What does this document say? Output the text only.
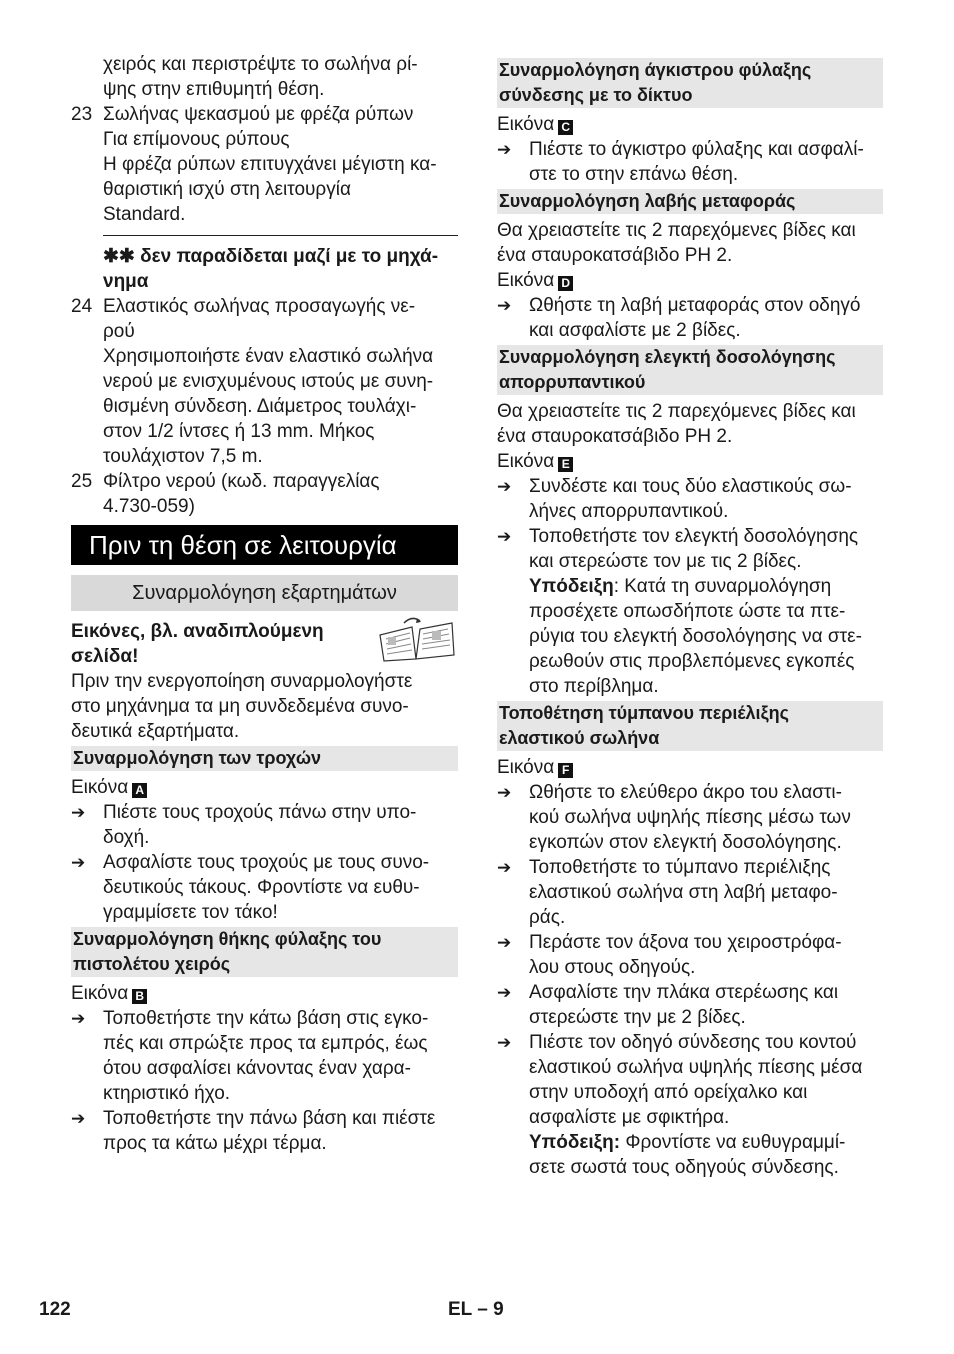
χειρός και περιστρέψτε το σωλήνα ρί-

ψης στην επιθυμητή θέση.

23 Σωλήνας ψεκασμού με φρέζα ρύπων

Για επίμονους ρύπους

Η φρέζα ρύπων επιτυγχάνει μέγιστη κα-

θαριστική ισχύ στη λειτουργία

Standard.

✱✱ δεν παραδίδεται μαζί με το μηχά-

νημα

24 Ελαστικός σωλήνας προσαγωγής νε-

ρού

Χρησιμοποιήστε έναν ελαστικό σωλήνα

νερού με ενισχυμένους ιστούς με συνη-

θισμένη σύνδεση. Διάμετρος τουλάχι-

στον 1/2 ίντσες ή 13 mm. Μήκος

τουλάχιστον 7,5 m.

25 Φίλτρο νερού (κωδ. παραγγελίας

4.730-059)

Πριν τη θέση σε λειτουργία
Συναρμολόγηση εξαρτημάτων

Εικόνες, βλ. αναδιπλούμενη

σελίδα!

Πριν την ενεργοποίηση συναρμολογήστε

στο μηχάνημα τα μη συνδεδεμένα συνο-

δευτικά εξαρτήματα.

Συναρμολόγηση των τροχών

Εικόνα A

➔ Πιέστε τους τροχούς πάνω στην υπο-

δοχή.

➔ Ασφαλίστε τους τροχούς με τους συνο-

δευτικούς τάκους. Φροντίστε να ευθυ-

γραμμίσετε τον τάκο!

Συναρμολόγηση θήκης φύλαξης του
πιστολέτου χειρός

Εικόνα B

➔ Τοποθετήστε την κάτω βάση στις εγκο-

πές και σπρώξτε προς τα εμπρός, έως

ότου ασφαλίσει κάνοντας έναν χαρα-

κτηριστικό ήχο.

➔ Τοποθετήστε την πάνω βάση και πιέστε

προς τα κάτω μέχρι τέρμα.

Συναρμολόγηση άγκιστρου φύλαξης
σύνδεσης με το δίκτυο

Εικόνα C

➔ Πιέστε το άγκιστρο φύλαξης και ασφαλί-

στε το στην επάνω θέση.

Συναρμολόγηση λαβής μεταφοράς

Θα χρειαστείτε τις 2 παρεχόμενες βίδες και

ένα σταυροκατσάβιδο PH 2.

Εικόνα D

➔ Ωθήστε τη λαβή μεταφοράς στον οδηγό

και ασφαλίστε με 2 βίδες.

Συναρμολόγηση ελεγκτή δοσολόγησης
απορρυπαντικού

Θα χρειαστείτε τις 2 παρεχόμενες βίδες και

ένα σταυροκατσάβιδο PH 2.

Εικόνα E

➔ Συνδέστε και τους δύο ελαστικούς σω-

λήνες απορρυπαντικού.

➔ Τοποθετήστε τον ελεγκτή δοσολόγησης

και στερεώστε τον με τις 2 βίδες.

Υπόδειξη: Κατά τη συναρμολόγηση

προσέχετε οπωσδήποτε ώστε τα πτε-

ρύγια του ελεγκτή δοσολόγησης να στε-

ρεωθούν στις προβλεπόμενες εγκοπές

στο περίβλημα.

Τοποθέτηση τύμπανου περιέλιξης
ελαστικού σωλήνα

Εικόνα F

➔ Ωθήστε το ελεύθερο άκρο του ελαστι-

κού σωλήνα υψηλής πίεσης μέσω των

εγκοπών στον ελεγκτή δοσολόγησης.

➔ Τοποθετήστε το τύμπανο περιέλιξης

ελαστικού σωλήνα στη λαβή μεταφο-

ράς.

➔ Περάστε τον άξονα του χειροστρόφα-

λου στους οδηγούς.

➔ Ασφαλίστε την πλάκα στερέωσης και

στερεώστε την με 2 βίδες.

➔ Πιέστε τον οδηγό σύνδεσης του κοντού

ελαστικού σωλήνα υψηλής πίεσης μέσα

στην υποδοχή από ορείχαλκο και

ασφαλίστε με σφικτήρα.

Υπόδειξη: Φροντίστε να ευθυγραμμί-

σετε σωστά τους οδηγούς σύνδεσης.

122	EL – 9
